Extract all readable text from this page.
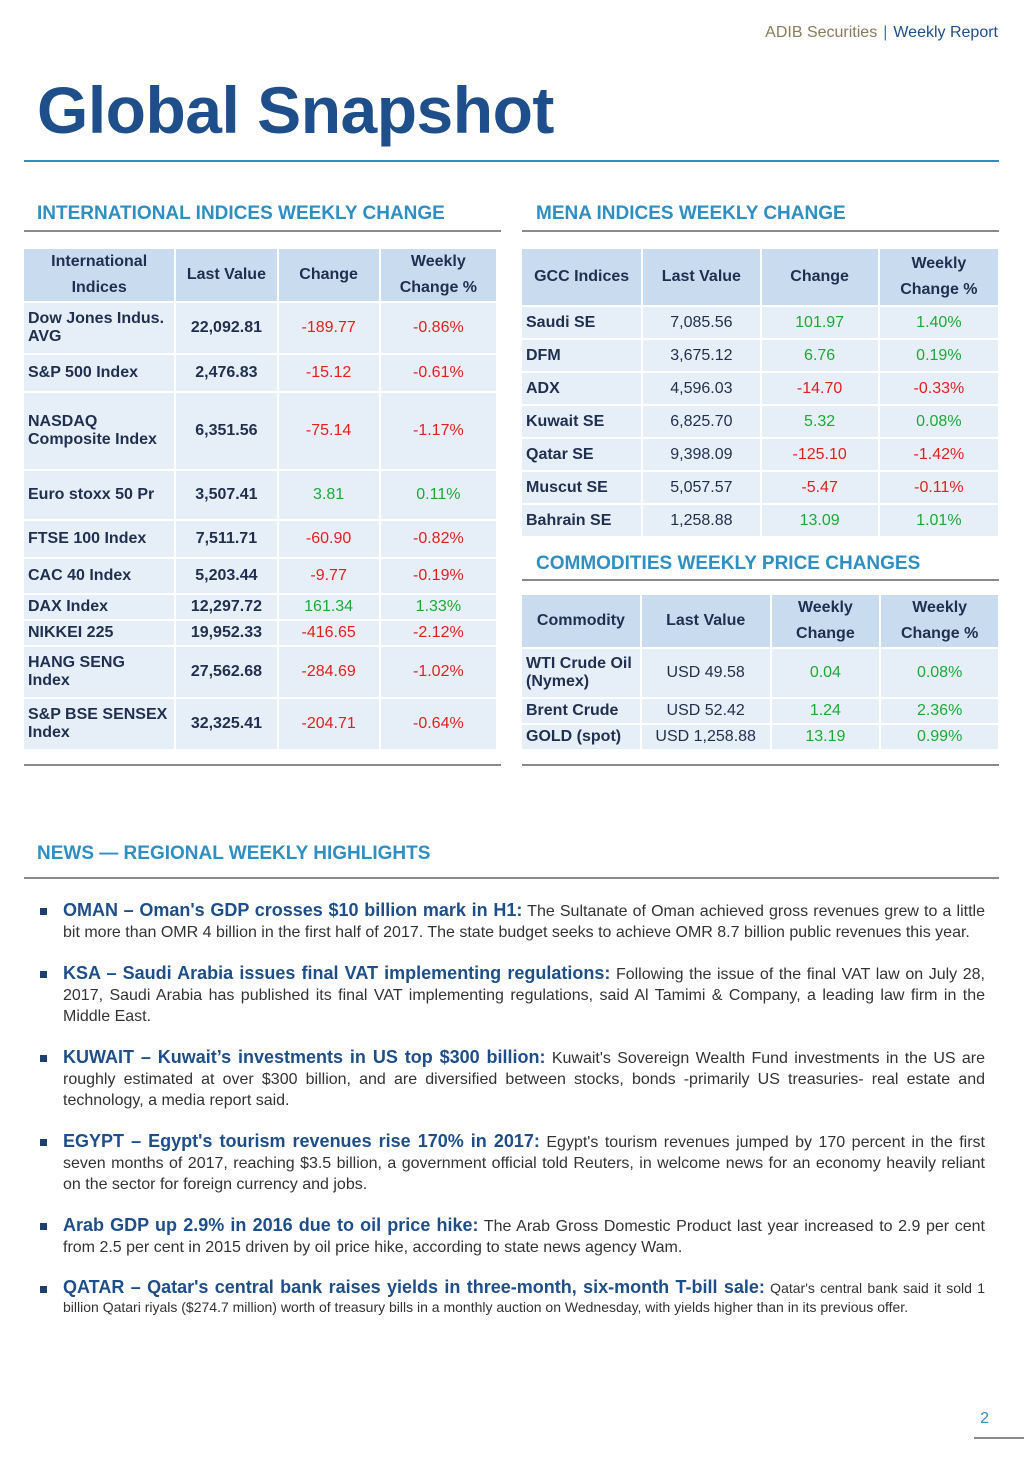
ADIB Securities | Weekly Report
Global Snapshot
INTERNATIONAL INDICES WEEKLY CHANGE
International Indices	Last Value	Change	Weekly Change %
Dow Jones Indus. AVG	22,092.81	-189.77	-0.86%
S&P 500 Index	2,476.83	-15.12	-0.61%
NASDAQ Composite Index	6,351.56	-75.14	-1.17%
Euro stoxx 50 Pr	3,507.41	3.81	0.11%
FTSE 100 Index	7,511.71	-60.90	-0.82%
CAC 40 Index	5,203.44	-9.77	-0.19%
DAX Index	12,297.72	161.34	1.33%
NIKKEI 225	19,952.33	-416.65	-2.12%
HANG SENG Index	27,562.68	-284.69	-1.02%
S&P BSE SENSEX Index	32,325.41	-204.71	-0.64%
MENA INDICES WEEKLY CHANGE
GCC Indices	Last Value	Change	Weekly Change %
Saudi SE	7,085.56	101.97	1.40%
DFM	3,675.12	6.76	0.19%
ADX	4,596.03	-14.70	-0.33%
Kuwait SE	6,825.70	5.32	0.08%
Qatar SE	9,398.09	-125.10	-1.42%
Muscut SE	5,057.57	-5.47	-0.11%
Bahrain SE	1,258.88	13.09	1.01%
COMMODITIES WEEKLY PRICE CHANGES
Commodity	Last Value	Weekly Change	Weekly Change %
WTI Crude Oil (Nymex)	USD 49.58	0.04	0.08%
Brent Crude	USD 52.42	1.24	2.36%
GOLD (spot)	USD 1,258.88	13.19	0.99%
NEWS — REGIONAL WEEKLY HIGHLIGHTS
OMAN – Oman's GDP crosses $10 billion mark in H1: The Sultanate of Oman achieved gross revenues grew to a little bit more than OMR 4 billion in the first half of 2017. The state budget seeks to achieve OMR 8.7 billion public revenues this year.
KSA – Saudi Arabia issues final VAT implementing regulations: Following the issue of the final VAT law on July 28, 2017, Saudi Arabia has published its final VAT implementing regulations, said Al Tamimi & Company, a leading law firm in the Middle East.
KUWAIT – Kuwait’s investments in US top $300 billion: Kuwait's Sovereign Wealth Fund investments in the US are roughly estimated at over $300 billion, and are diversified between stocks, bonds -primarily US treasuries- real estate and technology, a media report said.
EGYPT – Egypt's tourism revenues rise 170% in 2017: Egypt's tourism revenues jumped by 170 percent in the first seven months of 2017, reaching $3.5 billion, a government official told Reuters, in welcome news for an economy heavily reliant on the sector for foreign currency and jobs.
Arab GDP up 2.9% in 2016 due to oil price hike: The Arab Gross Domestic Product last year increased to 2.9 per cent from 2.5 per cent in 2015 driven by oil price hike, according to state news agency Wam.
QATAR – Qatar's central bank raises yields in three-month, six-month T-bill sale: Qatar's central bank said it sold 1 billion Qatari riyals ($274.7 million) worth of treasury bills in a monthly auction on Wednesday, with yields higher than in its previous offer.
2
